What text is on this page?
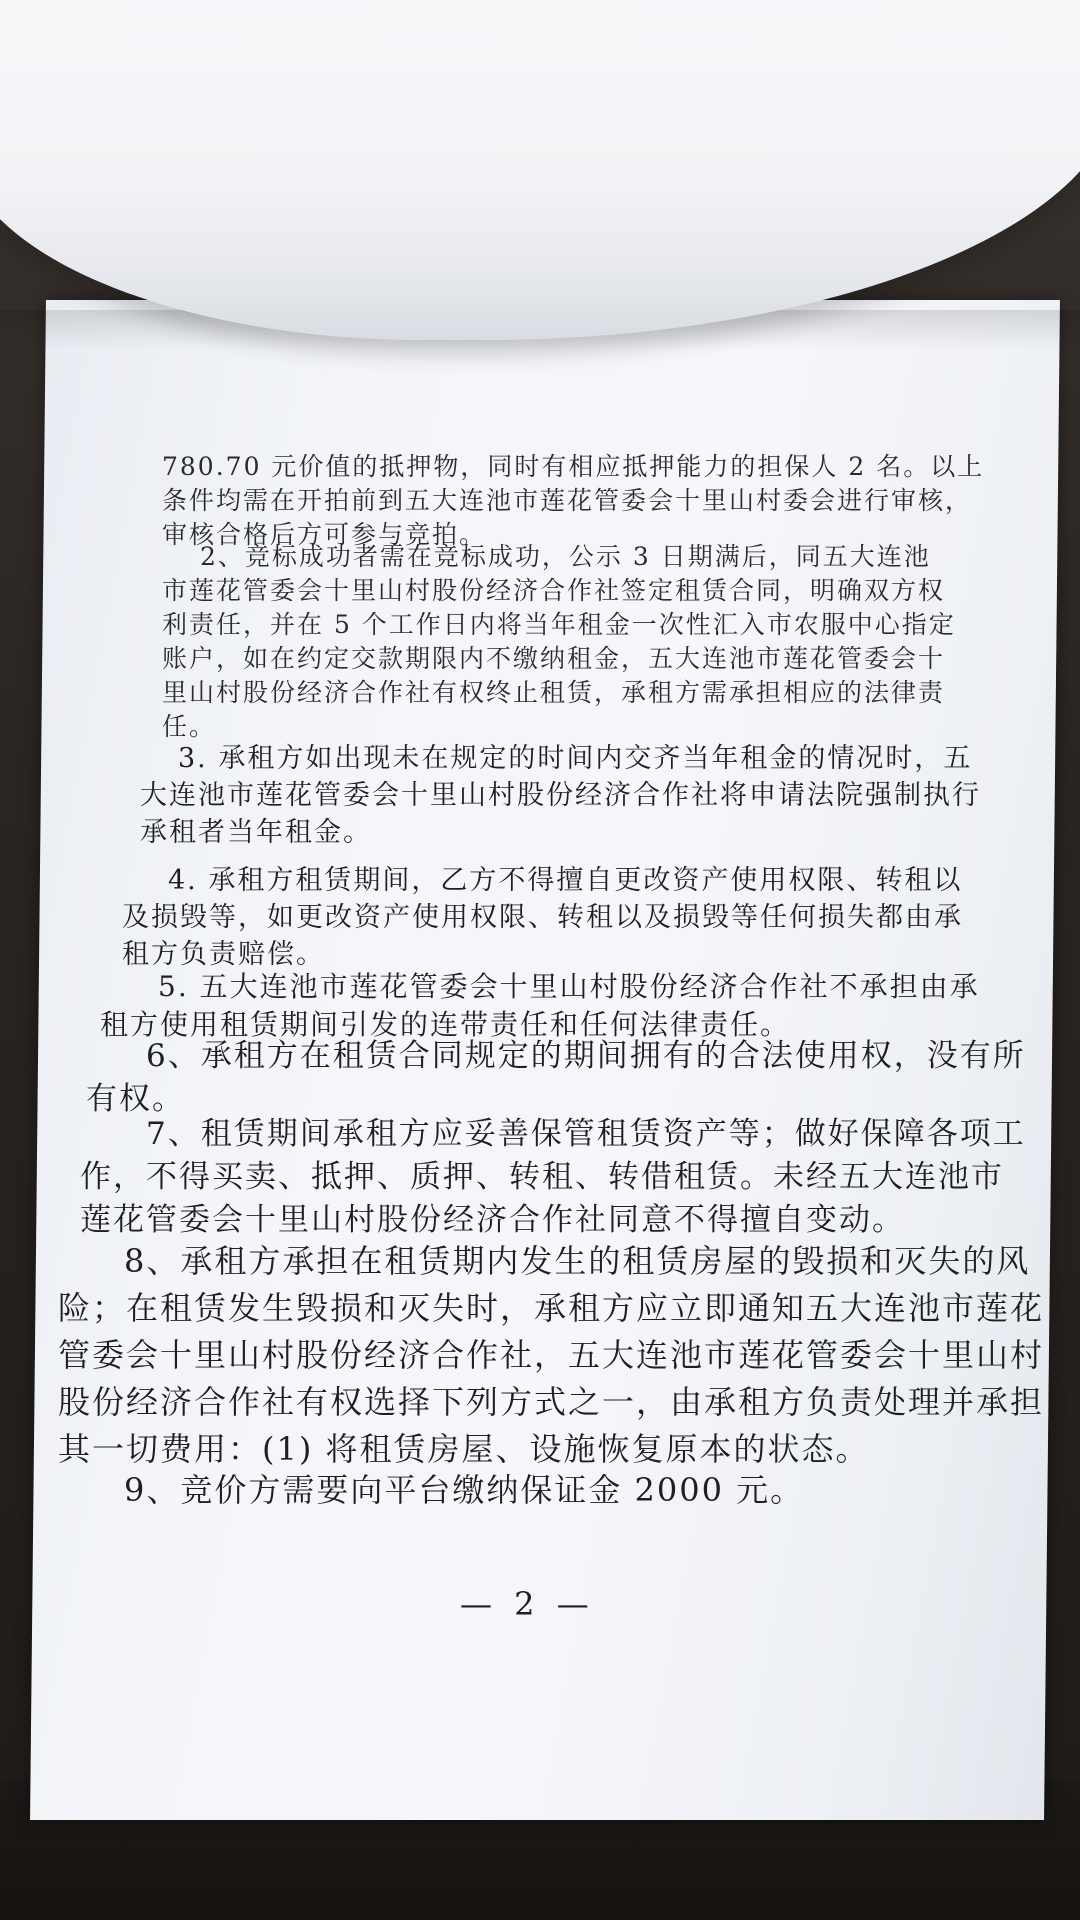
780.70 元价值的抵押物，同时有相应抵押能力的担保人 2 名。以上
条件均需在开拍前到五大连池市莲花管委会十里山村委会进行审核，
审核合格后方可参与竞拍。
2、竞标成功者需在竞标成功，公示 3 日期满后，同五大连池
市莲花管委会十里山村股份经济合作社签定租赁合同，明确双方权
利责任，并在 5 个工作日内将当年租金一次性汇入市农服中心指定
账户，如在约定交款期限内不缴纳租金，五大连池市莲花管委会十
里山村股份经济合作社有权终止租赁，承租方需承担相应的法律责
任。
3. 承租方如出现未在规定的时间内交齐当年租金的情况时，五
大连池市莲花管委会十里山村股份经济合作社将申请法院强制执行
承租者当年租金。
4. 承租方租赁期间，乙方不得擅自更改资产使用权限、转租以
及损毁等，如更改资产使用权限、转租以及损毁等任何损失都由承
租方负责赔偿。
5. 五大连池市莲花管委会十里山村股份经济合作社不承担由承
租方使用租赁期间引发的连带责任和任何法律责任。
6、承租方在租赁合同规定的期间拥有的合法使用权，没有所
有权。
7、租赁期间承租方应妥善保管租赁资产等；做好保障各项工
作，不得买卖、抵押、质押、转租、转借租赁。未经五大连池市
莲花管委会十里山村股份经济合作社同意不得擅自变动。
8、承租方承担在租赁期内发生的租赁房屋的毁损和灭失的风
险；在租赁发生毁损和灭失时，承租方应立即通知五大连池市莲花
管委会十里山村股份经济合作社，五大连池市莲花管委会十里山村
股份经济合作社有权选择下列方式之一，由承租方负责处理并承担
其一切费用：(1) 将租赁房屋、设施恢复原本的状态。
9、竞价方需要向平台缴纳保证金 2000 元。
— 2 —
